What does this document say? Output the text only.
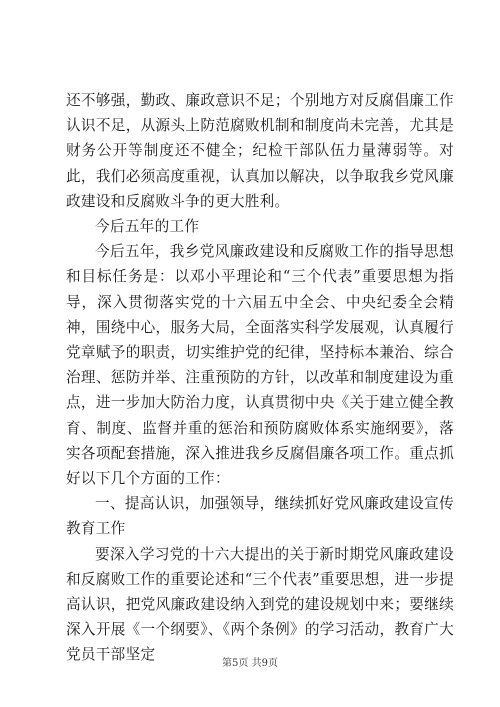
还不够强，勤政、廉政意识不足；个别地方对反腐倡廉工作认识不足，从源头上防范腐败机制和制度尚未完善，尤其是财务公开等制度还不健全；纪检干部队伍力量薄弱等。对此，我们必须高度重视，认真加以解决，以争取我乡党风廉政建设和反腐败斗争的更大胜利。

今后五年的工作

今后五年，我乡党风廉政建设和反腐败工作的指导思想和目标任务是：以邓小平理论和“三个代表”重要思想为指导，深入贯彻落实党的十六届五中全会、中央纪委全会精神，围绕中心，服务大局，全面落实科学发展观，认真履行党章赋予的职责，切实维护党的纪律，坚持标本兼治、综合治理、惩防并举、注重预防的方针，以改革和制度建设为重点，进一步加大防治力度，认真贯彻中央《关于建立健全教育、制度、监督并重的惩治和预防腐败体系实施纲要》，落实各项配套措施，深入推进我乡反腐倡廉各项工作。重点抓好以下几个方面的工作：

一、提高认识，加强领导，继续抓好党风廉政建设宣传教育工作

要深入学习党的十六大提出的关于新时期党风廉政建设和反腐败工作的重要论述和“三个代表”重要思想，进一步提高认识，把党风廉政建设纳入到党的建设规划中来；要继续深入开展《一个纲要》、《两个条例》的学习活动，教育广大党员干部坚定

第5页 共9页
